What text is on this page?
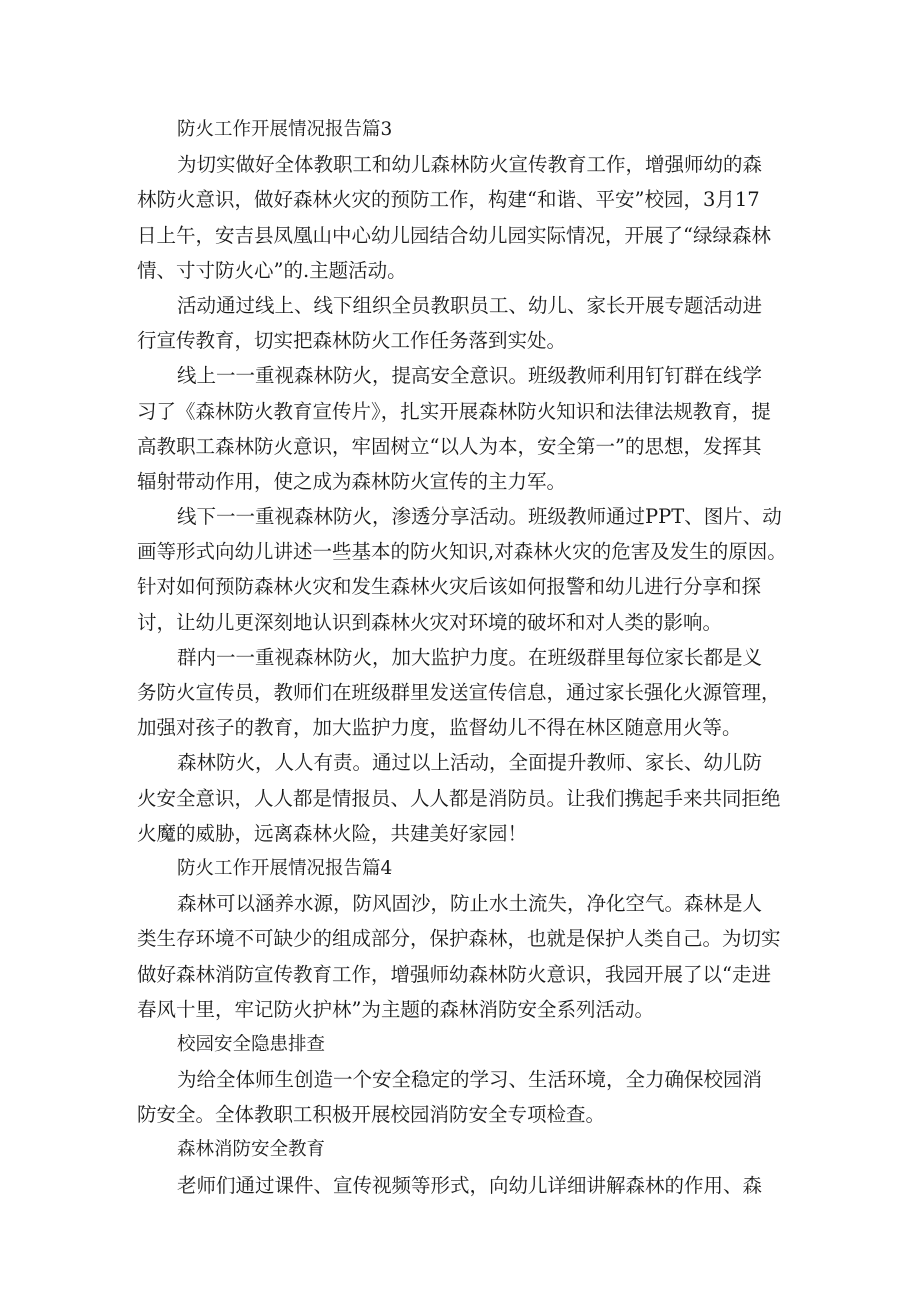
防火工作开展情况报告篇3
为切实做好全体教职工和幼儿森林防火宣传教育工作，增强师幼的森
林防火意识，做好森林火灾的预防工作，构建“和谐、平安”校园，3月17
日上午，安吉县凤凰山中心幼儿园结合幼儿园实际情况，开展了“绿绿森林
情、寸寸防火心”的.主题活动。
活动通过线上、线下组织全员教职员工、幼儿、家长开展专题活动进
行宣传教育，切实把森林防火工作任务落到实处。
线上一一重视森林防火，提高安全意识。班级教师利用钉钉群在线学
习了《森林防火教育宣传片》，扎实开展森林防火知识和法律法规教育，提
高教职工森林防火意识，牢固树立“以人为本，安全第一”的思想，发挥其
辐射带动作用，使之成为森林防火宣传的主力军。
线下一一重视森林防火，渗透分享活动。班级教师通过PPT、图片、动
画等形式向幼儿讲述一些基本的防火知识,对森林火灾的危害及发生的原因。
针对如何预防森林火灾和发生森林火灾后该如何报警和幼儿进行分享和探
讨，让幼儿更深刻地认识到森林火灾对环境的破坏和对人类的影响。
群内一一重视森林防火，加大监护力度。在班级群里每位家长都是义
务防火宣传员，教师们在班级群里发送宣传信息，通过家长强化火源管理，
加强对孩子的教育，加大监护力度，监督幼儿不得在林区随意用火等。
森林防火，人人有责。通过以上活动，全面提升教师、家长、幼儿防
火安全意识，人人都是情报员、人人都是消防员。让我们携起手来共同拒绝
火魔的威胁，远离森林火险，共建美好家园！
防火工作开展情况报告篇4
森林可以涵养水源，防风固沙，防止水土流失，净化空气。森林是人
类生存环境不可缺少的组成部分，保护森林，也就是保护人类自己。为切实
做好森林消防宣传教育工作，增强师幼森林防火意识，我园开展了以“走进
春风十里，牢记防火护林”为主题的森林消防安全系列活动。
校园安全隐患排查
为给全体师生创造一个安全稳定的学习、生活环境，全力确保校园消
防安全。全体教职工积极开展校园消防安全专项检查。
森林消防安全教育
老师们通过课件、宣传视频等形式，向幼儿详细讲解森林的作用、森
